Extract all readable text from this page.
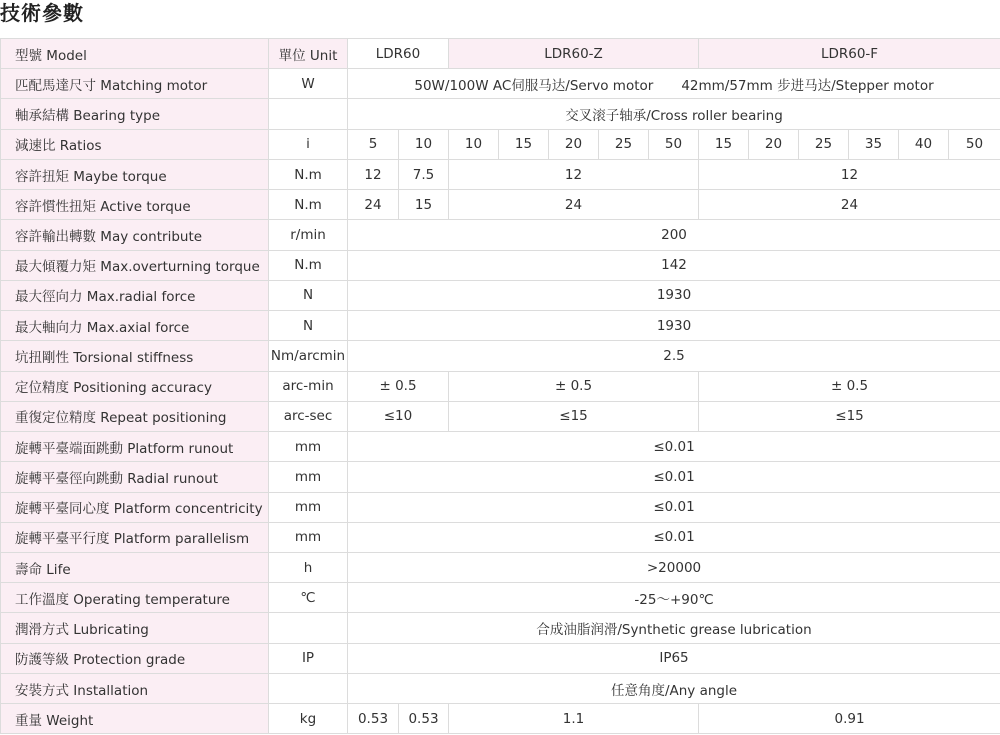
技術參數
型號 Model	單位 Unit	LDR60		LDR60-Z					LDR60-F					
匹配馬達尺寸 Matching motor	W	50W/100W AC伺服马达/Servo motor 42mm/57mm 步进马达/Stepper motor												
軸承結構 Bearing type		交叉滚子轴承/Cross roller bearing												
減速比 Ratios	i	5	10	10	15	20	25	50	15	20	25	35	40	50
容許扭矩 Maybe torque	N.m	12	7.5	12					12					
容許慣性扭矩 Active torque	N.m	24	15	24					24					
容許輸出轉數 May contribute	r/min	200												
最大傾覆力矩 Max.overturning torque	N.m	142												
最大徑向力 Max.radial force	N	1930												
最大軸向力 Max.axial force	N	1930												
坑扭剛性 Torsional stiffness	Nm/arcmin	2.5												
定位精度 Positioning accuracy	arc-min	± 0.5		± 0.5					± 0.5					
重復定位精度 Repeat positioning	arc-sec	≤10		≤15					≤15					
旋轉平臺端面跳動 Platform runout	mm	≤0.01												
旋轉平臺徑向跳動 Radial runout	mm	≤0.01												
旋轉平臺同心度 Platform concentricity	mm	≤0.01												
旋轉平臺平行度 Platform parallelism	mm	≤0.01												
壽命 Life	h	>20000												
工作溫度 Operating temperature	℃	-25～+90℃												
潤滑方式 Lubricating		合成油脂润滑/Synthetic grease lubrication												
防護等級 Protection grade	IP	IP65												
安裝方式 Installation		任意角度/Any angle												
重量 Weight	kg	0.53	0.53	1.1					0.91					
